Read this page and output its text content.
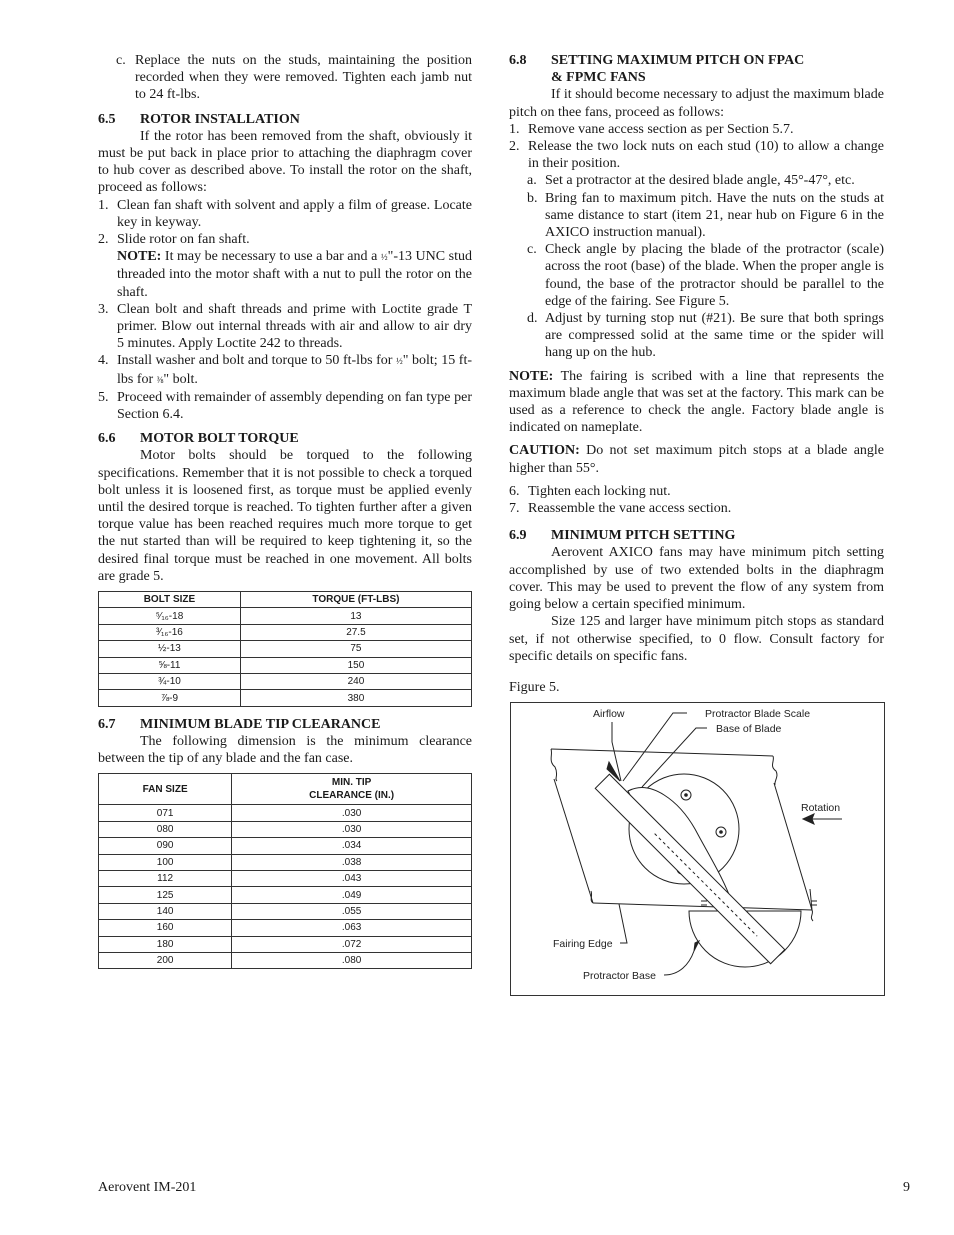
c. Replace the nuts on the studs, maintaining the position recorded when they were removed. Tighten each jamb nut to 24 ft-lbs.

6.5 ROTOR INSTALLATION

If the rotor has been removed from the shaft, obviously it must be put back in place prior to attaching the diaphragm cover to hub cover as described above. To install the rotor on the shaft, proceed as follows:

1. Clean fan shaft with solvent and apply a film of grease. Locate key in keyway.
2. Slide rotor on fan shaft.
NOTE: It may be necessary to use a bar and a ½"-13 UNC stud threaded into the motor shaft with a nut to pull the rotor on the shaft.
3. Clean bolt and shaft threads and prime with Loctite grade T primer. Blow out internal threads with air and allow to air dry 5 minutes. Apply Loctite 242 to threads.
4. Install washer and bolt and torque to 50 ft-lbs for ½" bolt; 15 ft-lbs for ⅜" bolt.
5. Proceed with remainder of assembly depending on fan type per Section 6.4.

6.6 MOTOR BOLT TORQUE

Motor bolts should be torqued to the following specifications. Remember that it is not possible to check a torqued bolt unless it is loosened first, as torque must be applied evenly until the desired torque is reached. To tighten further after a given torque value has been reached requires much more torque to get the nut started than will be required to keep tightening it, so the desired final torque must be reached in one movement. All bolts are grade 5.

BOLT SIZE	TORQUE (FT-LBS)
⁵⁄₁₆-18	13
³⁄₁₆-16	27.5
½-13	75
⅝-11	150
¾-10	240
⅞-9	380

6.7 MINIMUM BLADE TIP CLEARANCE

The following dimension is the minimum clearance between the tip of any blade and the fan case.

FAN SIZE	MIN. TIP
CLEARANCE (IN.)
071	.030
080	.030
090	.034
100	.038
112	.043
125	.049
140	.055
160	.063
180	.072
200	.080

6.8 SETTING MAXIMUM PITCH ON FPAC
& FPMC FANS

If it should become necessary to adjust the maximum blade pitch on thee fans, proceed as follows:

1. Remove vane access section as per Section 5.7.
2. Release the two lock nuts on each stud (10) to allow a change in their position.
a. Set a protractor at the desired blade angle, 45°-47°, etc.
b. Bring fan to maximum pitch. Have the nuts on the studs at same distance to start (item 21, near hub on Figure 6 in the AXICO instruction manual).
c. Check angle by placing the blade of the protractor (scale) across the root (base) of the blade. When the proper angle is found, the base of the protractor should be parallel to the edge of the fairing. See Figure 5.
d. Adjust by turning stop nut (#21). Be sure that both springs are compressed solid at the same time or the spider will hang up on the hub.

NOTE: The fairing is scribed with a line that represents the maximum blade angle that was set at the factory. This mark can be used as a reference to check the angle. Factory blade angle is indicated on nameplate.

CAUTION: Do not set maximum pitch stops at a blade angle higher than 55°.

6. Tighten each locking nut.
7. Reassemble the vane access section.

6.9 MINIMUM PITCH SETTING

Aerovent AXICO fans may have minimum pitch setting accomplished by use of two extended bolts in the diaphragm cover. This may be used to prevent the flow of any system from going below a certain specified minimum.

Size 125 and larger have minimum pitch stops as standard set, if not otherwise specified, to 0 flow. Consult factory for specific details on specific fans.

Figure 5.

Airflow	Protractor Blade Scale
Base of Blade
Rotation
Fairing Edge
Protractor Base
Aerovent IM-201	9
